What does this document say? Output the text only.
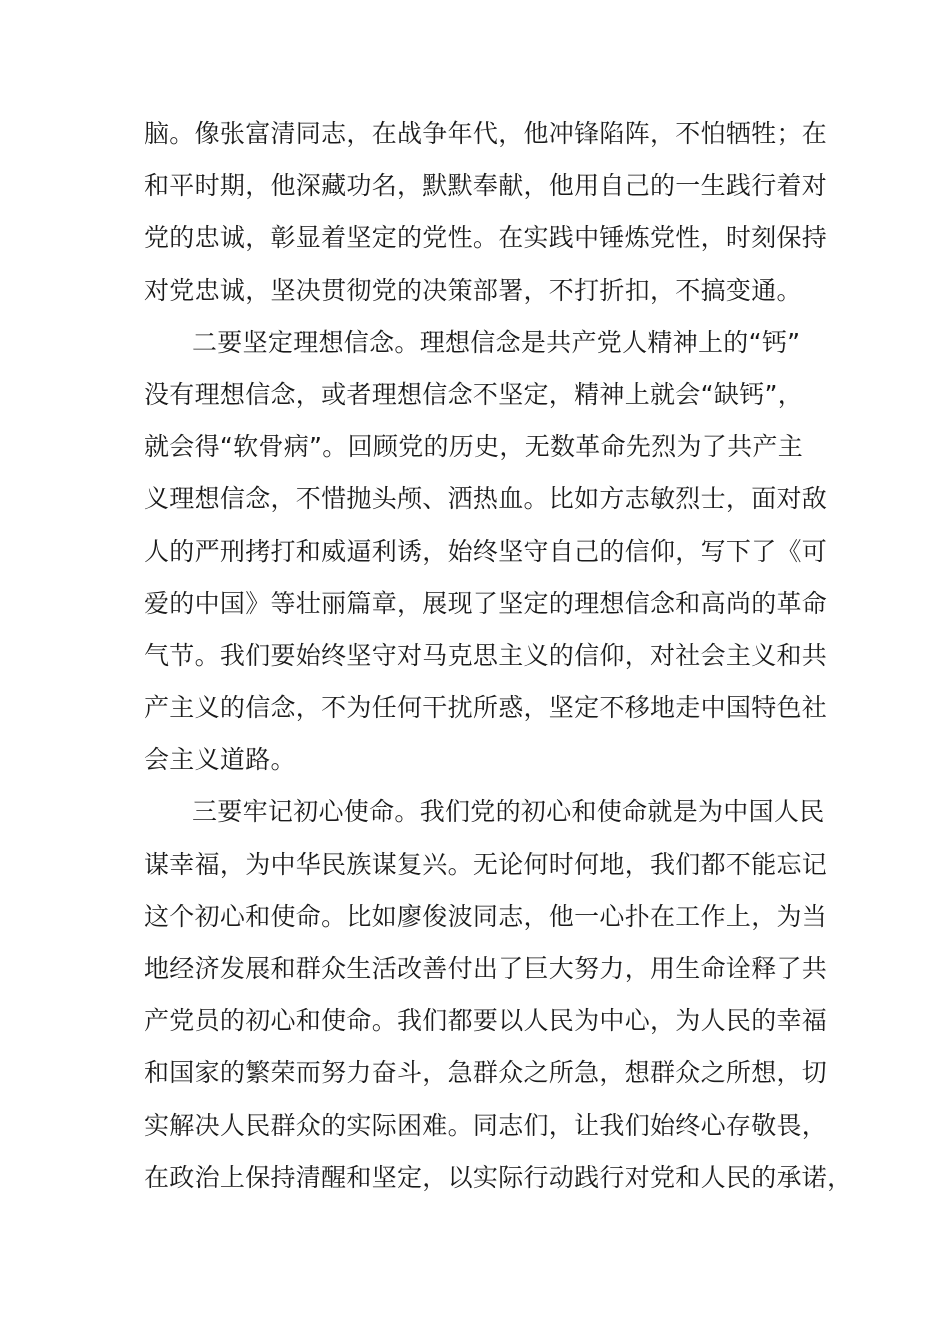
脑。像张富清同志，在战争年代，他冲锋陷阵，不怕牺牲；在
和平时期，他深藏功名，默默奉献，他用自己的一生践行着对
党的忠诚，彰显着坚定的党性。在实践中锤炼党性，时刻保持
对党忠诚，坚决贯彻党的决策部署，不打折扣，不搞变通。
二要坚定理想信念。理想信念是共产党人精神上的“钙”
没有理想信念，或者理想信念不坚定，精神上就会“缺钙”，
就会得“软骨病”。回顾党的历史，无数革命先烈为了共产主
义理想信念，不惜抛头颅、洒热血。比如方志敏烈士，面对敌
人的严刑拷打和威逼利诱，始终坚守自己的信仰，写下了《可
爱的中国》等壮丽篇章，展现了坚定的理想信念和高尚的革命
气节。我们要始终坚守对马克思主义的信仰，对社会主义和共
产主义的信念，不为任何干扰所惑，坚定不移地走中国特色社
会主义道路。
三要牢记初心使命。我们党的初心和使命就是为中国人民
谋幸福，为中华民族谋复兴。无论何时何地，我们都不能忘记
这个初心和使命。比如廖俊波同志，他一心扑在工作上，为当
地经济发展和群众生活改善付出了巨大努力，用生命诠释了共
产党员的初心和使命。我们都要以人民为中心，为人民的幸福
和国家的繁荣而努力奋斗，急群众之所急，想群众之所想，切
实解决人民群众的实际困难。同志们，让我们始终心存敬畏，
在政治上保持清醒和坚定，以实际行动践行对党和人民的承诺，
